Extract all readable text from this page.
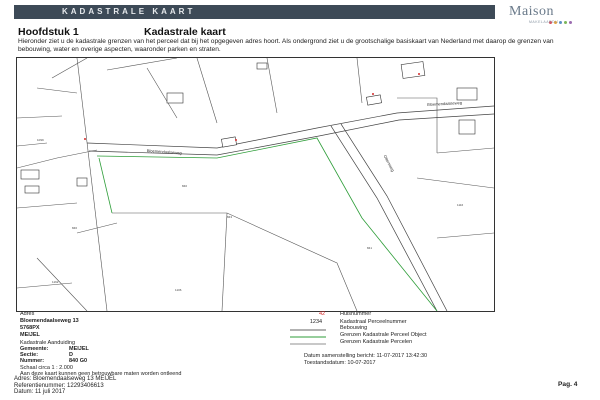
KADASTRALE KAART	Maison
MAKELAARDIJ
Hoofdstuk 1	Kadastrale kaart
Hieronder ziet u de kadastrale grenzen van het perceel dat bij het opgegeven adres hoort. Als ondergrond ziet u de grootschalige basiskaart van Nederland met daarop de grenzen van bebouwing, water en overige aspecten, waaronder parken en straten.
Bloemendaalseweg
Bloemendaalseweg
Ottersweg
840
843
841
1162
1106
1099
846
1116
Adres
Bloemendaalseweg 13
5768PX
MEIJEL
Kadastrale Aanduiding
Gemeente:	MEIJEL
Sectie:	D
Nummer:	840 G0
Schaal circa 1 : 2.000
Aan deze kaart kunnen geen betrouwbare maten worden ontleend
42	Huisnummer
1234	Kadastraal Perceelnummer
Bebouwing
Grenzen Kadastrale Perceel Object
Grenzen Kadastrale Percelen
Datum samenstelling bericht: 11-07-2017 13:42:30
Toestandsdatum: 10-07-2017
Adres: Bloemendaalseweg 13 MEIJEL
Referentienummer: 12293406613
Datum: 11 juli 2017
Pag. 4
